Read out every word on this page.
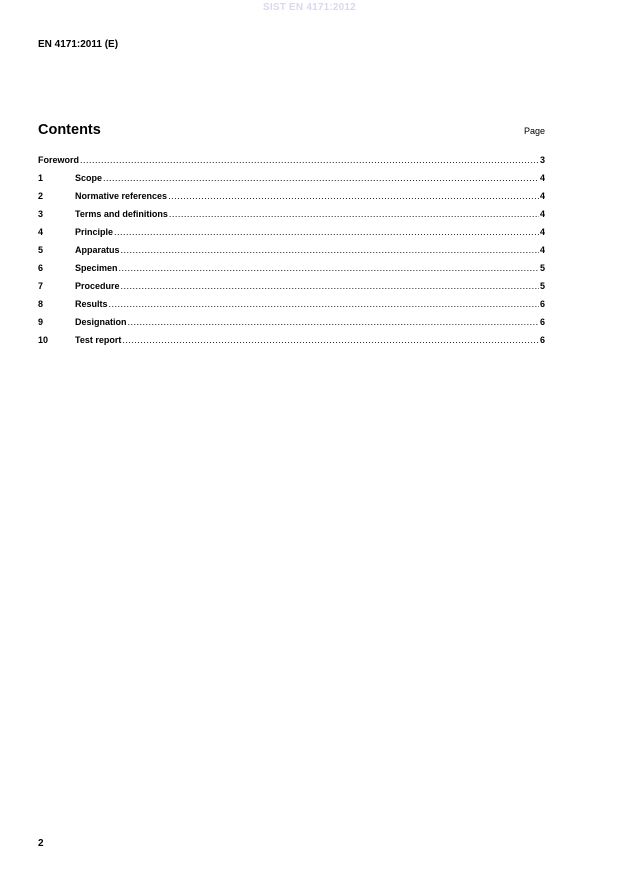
SIST EN 4171:2012
EN 4171:2011 (E)
Contents	Page
Foreword .....	3
1	Scope .....	4
2	Normative references .....	4
3	Terms and definitions .....	4
4	Principle .....	4
5	Apparatus .....	4
6	Specimen .....	5
7	Procedure .....	5
8	Results .....	6
9	Designation .....	6
10	Test report .....	6
2
